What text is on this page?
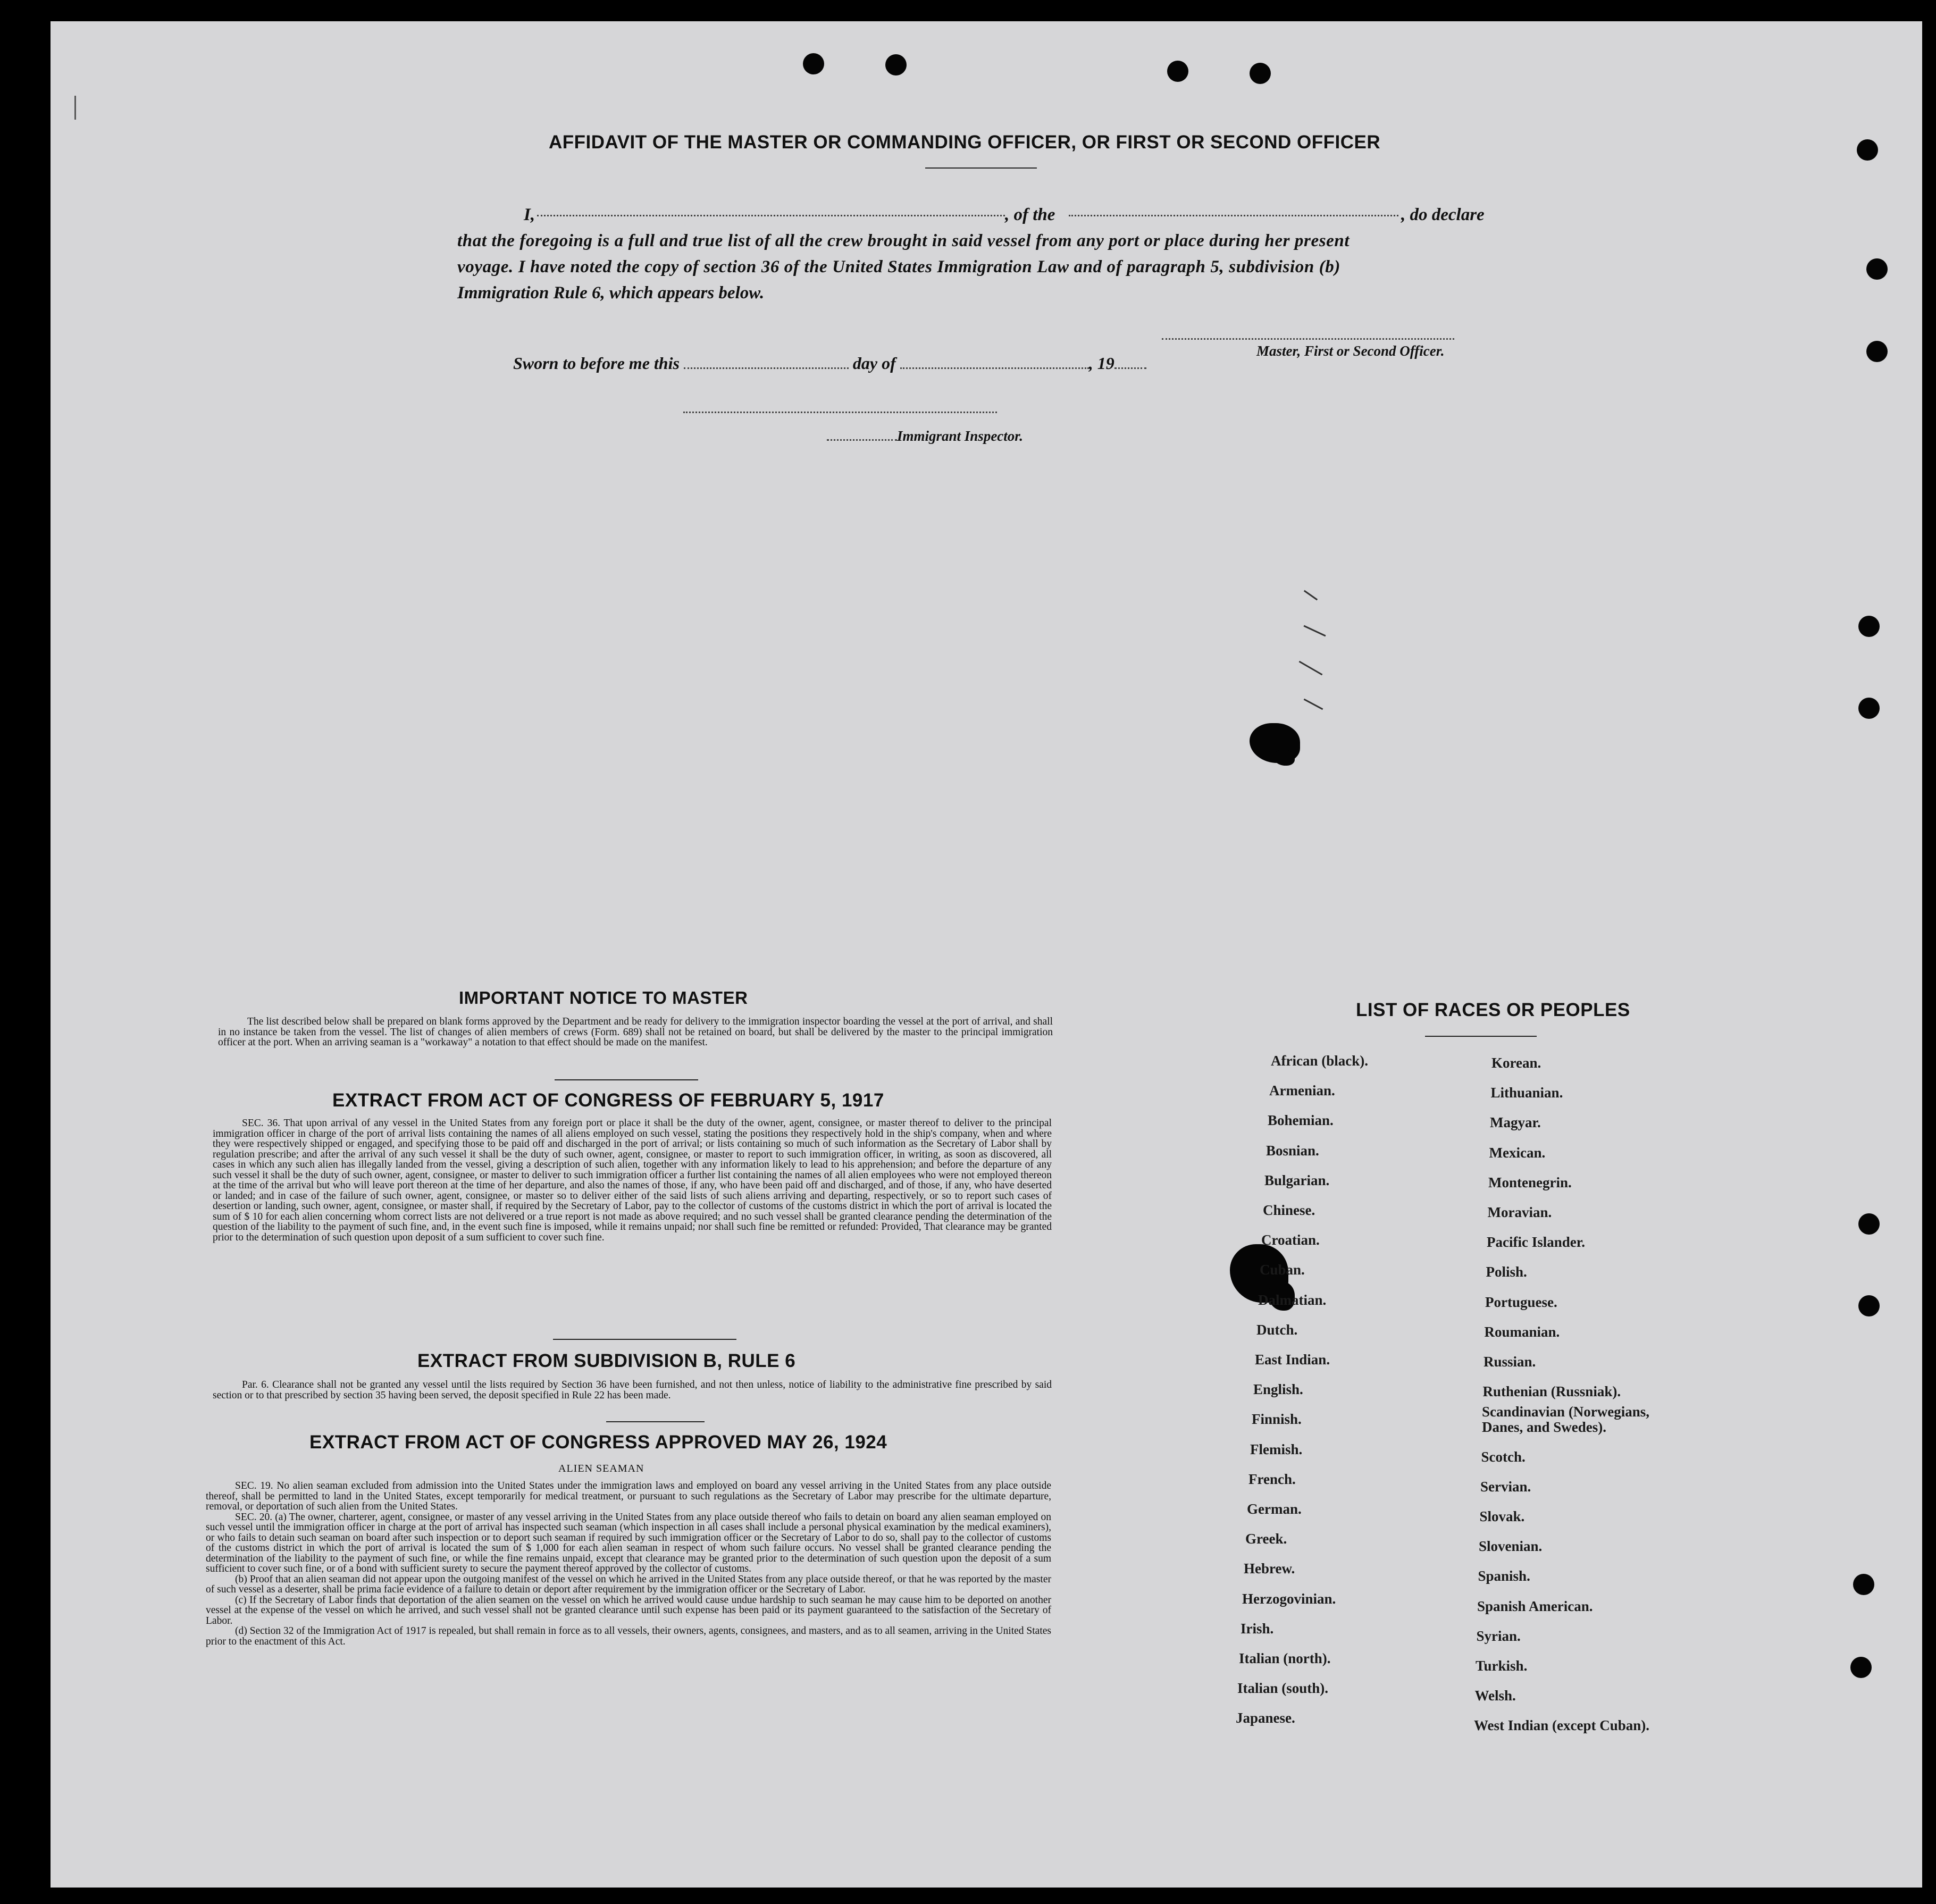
AFFIDAVIT OF THE MASTER OR COMMANDING OFFICER, OR FIRST OR SECOND OFFICER
I,	, of the	, do declare
that the foregoing is a full and true list of all the crew brought in said vessel from any port or place during her present
voyage. I have noted the copy of section 36 of the United States Immigration Law and of paragraph 5, subdivision (b)
Immigration Rule 6, which appears below.
Master, First or Second Officer.
Sworn to before me this	day of	, 19
Immigrant Inspector.
IMPORTANT NOTICE TO MASTER

The list described below shall be prepared on blank forms approved by the Department and be ready for delivery to the immigration inspector boarding the vessel at the port of arrival, and shall in no instance be taken from the vessel. The list of changes of alien members of crews (Form. 689) shall not be retained on board, but shall be delivered by the master to the principal immigration officer at the port. When an arriving seaman is a "workaway" a notation to that effect should be made on the manifest.

EXTRACT FROM ACT OF CONGRESS OF FEBRUARY 5, 1917

SEC. 36. That upon arrival of any vessel in the United States from any foreign port or place it shall be the duty of the owner, agent, consignee, or master thereof to deliver to the principal immigration officer in charge of the port of arrival lists containing the names of all aliens employed on such vessel, stating the positions they respectively hold in the ship's company, when and where they were respectively shipped or engaged, and specifying those to be paid off and discharged in the port of arrival; or lists containing so much of such information as the Secretary of Labor shall by regulation prescribe; and after the arrival of any such vessel it shall be the duty of such owner, agent, consignee, or master to report to such immigration officer, in writing, as soon as discovered, all cases in which any such alien has illegally landed from the vessel, giving a description of such alien, together with any information likely to lead to his apprehension; and before the departure of any such vessel it shall be the duty of such owner, agent, consignee, or master to deliver to such immigration officer a further list containing the names of all alien employees who were not employed thereon at the time of the arrival but who will leave port thereon at the time of her departure, and also the names of those, if any, who have been paid off and discharged, and of those, if any, who have deserted or landed; and in case of the failure of such owner, agent, consignee, or master so to deliver either of the said lists of such aliens arriving and departing, respectively, or so to report such cases of desertion or landing, such owner, agent, consignee, or master shall, if required by the Secretary of Labor, pay to the collector of customs of the customs district in which the port of arrival is located the sum of $ 10 for each alien concerning whom correct lists are not delivered or a true report is not made as above required; and no such vessel shall be granted clearance pending the determination of the question of the liability to the payment of such fine, and, in the event such fine is imposed, while it remains unpaid; nor shall such fine be remitted or refunded: Provided, That clearance may be granted prior to the determination of such question upon deposit of a sum sufficient to cover such fine.

EXTRACT FROM SUBDIVISION B, RULE 6

Par. 6. Clearance shall not be granted any vessel until the lists required by Section 36 have been furnished, and not then unless, notice of liability to the administrative fine prescribed by said section or to that prescribed by section 35 having been served, the deposit specified in Rule 22 has been made.

EXTRACT FROM ACT OF CONGRESS APPROVED MAY 26, 1924
ALIEN SEAMAN

SEC. 19. No alien seaman excluded from admission into the United States under the immigration laws and employed on board any vessel arriving in the United States from any place outside thereof, shall be permitted to land in the United States, except temporarily for medical treatment, or pursuant to such regulations as the Secretary of Labor may prescribe for the ultimate departure, removal, or deportation of such alien from the United States.

SEC. 20. (a) The owner, charterer, agent, consignee, or master of any vessel arriving in the United States from any place outside thereof who fails to detain on board any alien seaman employed on such vessel until the immigration officer in charge at the port of arrival has inspected such seaman (which inspection in all cases shall include a personal physical examination by the medical examiners), or who fails to detain such seaman on board after such inspection or to deport such seaman if required by such immigration officer or the Secretary of Labor to do so, shall pay to the collector of customs of the customs district in which the port of arrival is located the sum of $ 1,000 for each alien seaman in respect of whom such failure occurs. No vessel shall be granted clearance pending the determination of the liability to the payment of such fine, or while the fine remains unpaid, except that clearance may be granted prior to the determination of such question upon the deposit of a sum sufficient to cover such fine, or of a bond with sufficient surety to secure the payment thereof approved by the collector of customs.

(b) Proof that an alien seaman did not appear upon the outgoing manifest of the vessel on which he arrived in the United States from any place outside thereof, or that he was reported by the master of such vessel as a deserter, shall be prima facie evidence of a failure to detain or deport after requirement by the immigration officer or the Secretary of Labor.

(c) If the Secretary of Labor finds that deportation of the alien seamen on the vessel on which he arrived would cause undue hardship to such seaman he may cause him to be deported on another vessel at the expense of the vessel on which he arrived, and such vessel shall not be granted clearance until such expense has been paid or its payment guaranteed to the satisfaction of the Secretary of Labor.

(d) Section 32 of the Immigration Act of 1917 is repealed, but shall remain in force as to all vessels, their owners, agents, consignees, and masters, and as to all seamen, arriving in the United States prior to the enactment of this Act.

LIST OF RACES OR PEOPLES
African (black).
Armenian.
Bohemian.
Bosnian.
Bulgarian.
Chinese.
Croatian.
Cuban.
Dalmatian.
Dutch.
East Indian.
English.
Finnish.
Flemish.
French.
German.
Greek.
Hebrew.
Herzogovinian.
Irish.
Italian (north).
Italian (south).
Japanese.
Korean.
Lithuanian.
Magyar.
Mexican.
Montenegrin.
Moravian.
Pacific Islander.
Polish.
Portuguese.
Roumanian.
Russian.
Ruthenian (Russniak).
Scandinavian (Norwegians, Danes, and Swedes).
Scotch.
Servian.
Slovak.
Slovenian.
Spanish.
Spanish American.
Syrian.
Turkish.
Welsh.
West Indian (except Cuban).
